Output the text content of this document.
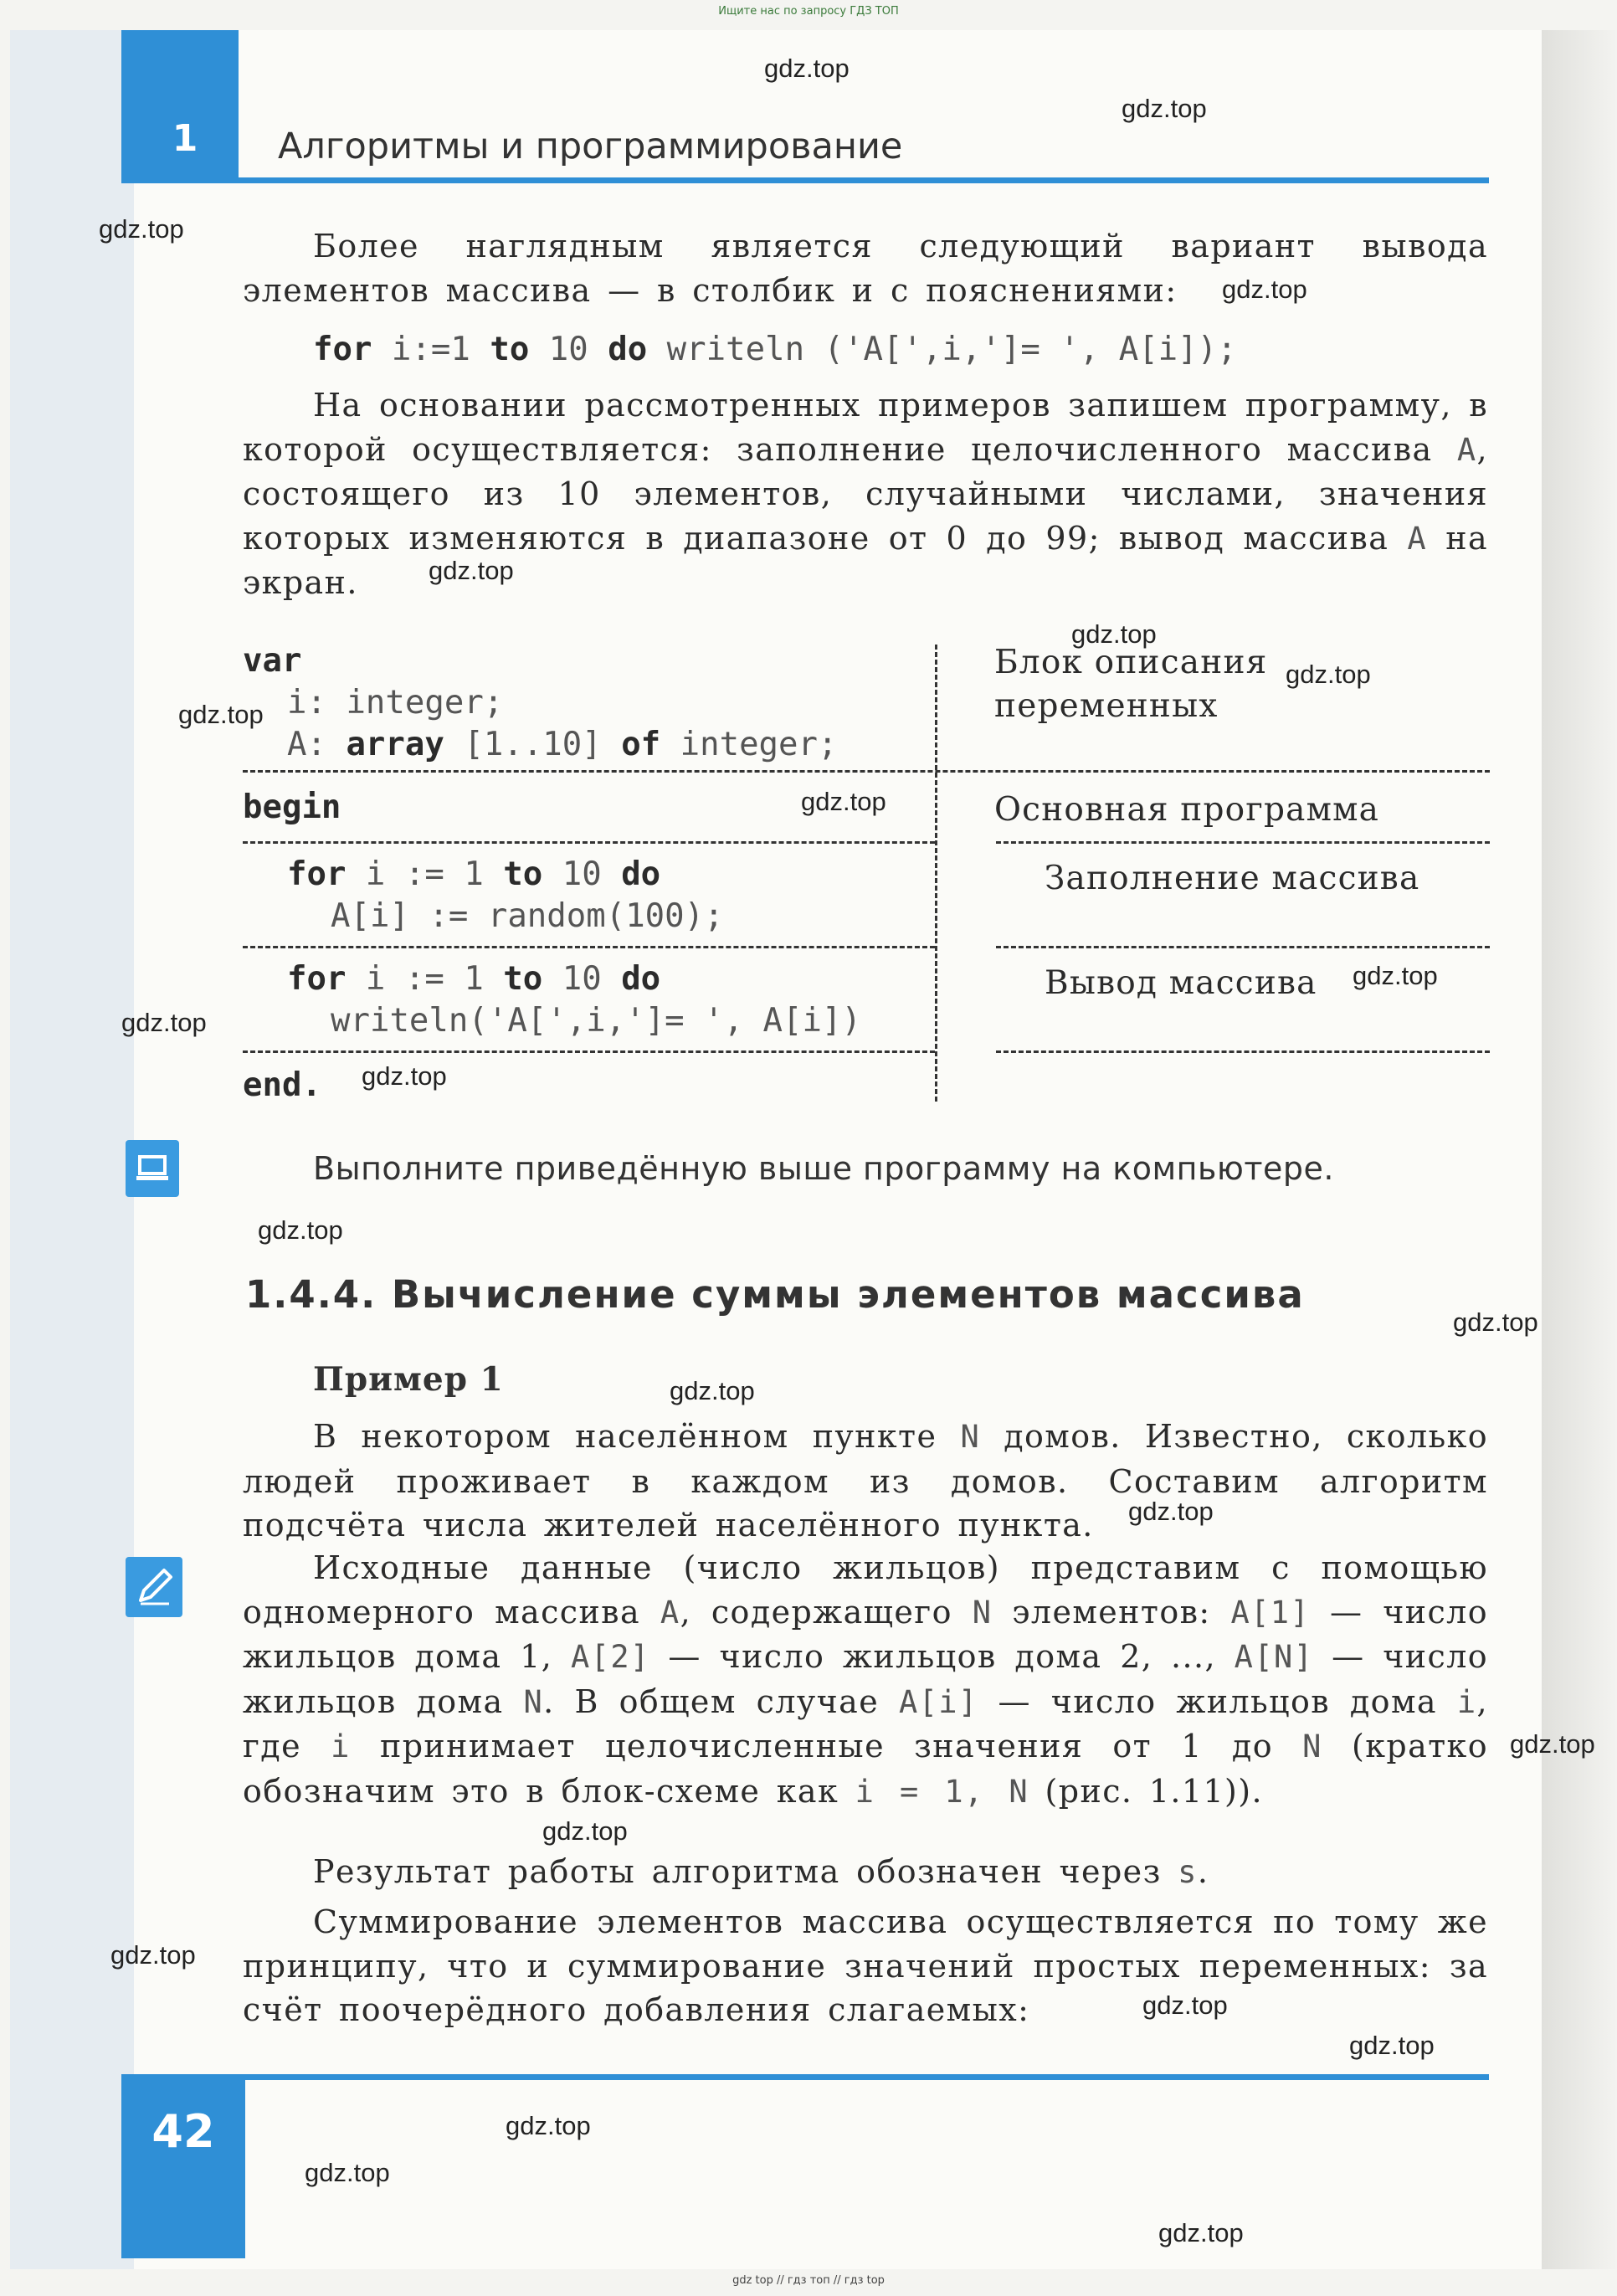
Ищите нас по запросу ГДЗ ТОП
1	Алгоритмы и программирование
Более наглядным является следующий вариант вывода элементов массива — в столбик и с пояснениями:
for i:=1 to 10 do writeln ('A[',i,']= ', A[i]);
На основании рассмотренных примеров запишем программу, в которой осуществляется: заполнение целочисленного массива A, состоящего из 10 элементов, случайными числами, значения которых изменяются в диапазоне от 0 до 99; вывод массива A на экран.
var
i: integer;
A: array [1..10] of integer;
begin
for i := 1 to 10 do
A[i] := random(100);
for i := 1 to 10 do
writeln('A[',i,']= ', A[i])
end.
Блок описания переменных
Основная программа
Заполнение массива
Вывод массива
Выполните приведённую выше программу на компьютере.
1.4.4. Вычисление суммы элементов массива
Пример 1
В некотором населённом пункте N домов. Известно, сколько людей проживает в каждом из домов. Составим алгоритм подсчёта числа жителей населённого пункта.
Исходные данные (число жильцов) представим с помощью одномерного массива A, содержащего N элементов: A[1] — число жильцов дома 1, A[2] — число жильцов дома 2, ..., A[N] — число жильцов дома N. В общем случае A[i] — число жильцов дома i, где i принимает целочисленные значения от 1 до N (кратко обозначим это в блок-схеме как i = 1, N (рис. 1.11)).
Результат работы алгоритма обозначен через s.
Суммирование элементов массива осуществляется по тому же принципу, что и суммирование значений простых переменных: за счёт поочерёдного добавления слагаемых:
42
gdz top // гдз топ // гдз top
gdz.top
gdz.top
gdz.top
gdz.top
gdz.top
gdz.top
gdz.top
gdz.top
gdz.top
gdz.top
gdz.top
gdz.top
gdz.top
gdz.top
gdz.top
gdz.top
gdz.top
gdz.top
gdz.top
gdz.top
gdz.top
gdz.top
gdz.top
gdz.top
